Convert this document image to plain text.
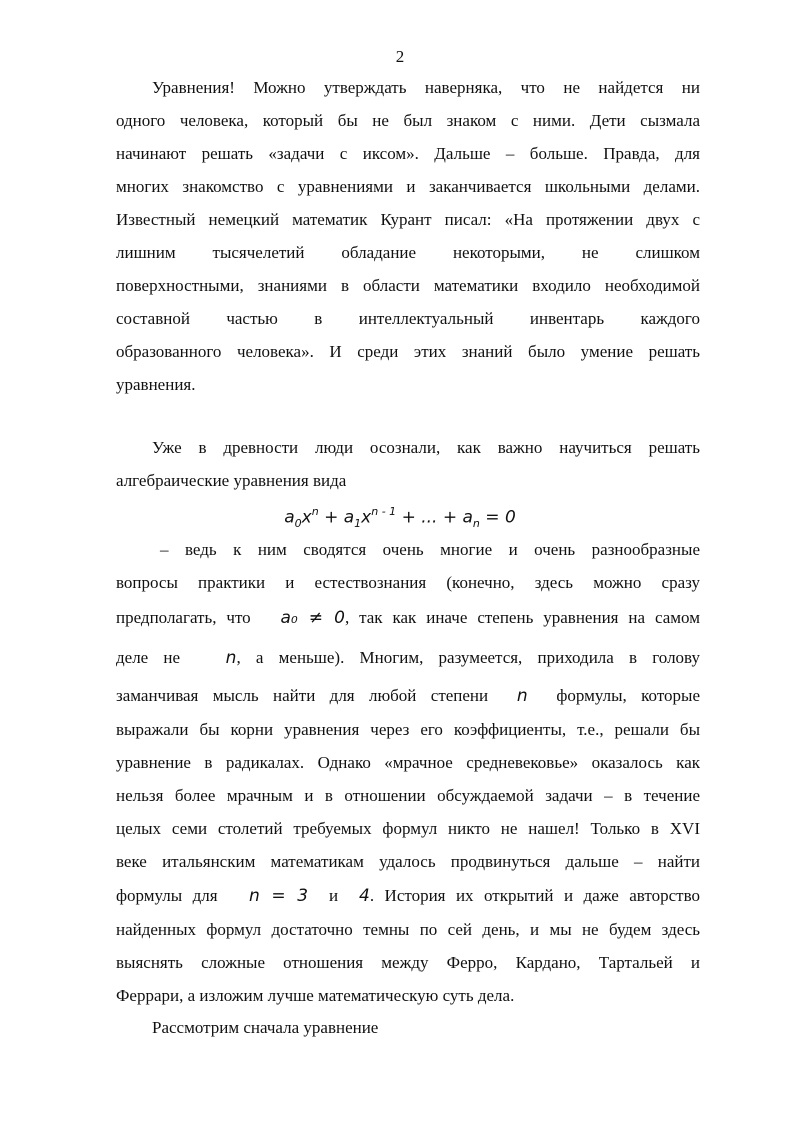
2
Уравнения! Можно утверждать наверняка, что не найдется ни
одного человека, который бы не был знаком с ними. Дети сызмала
начинают решать «задачи с иксом». Дальше – больше. Правда, для
многих знакомство с уравнениями и заканчивается школьными делами.
Известный немецкий математик Курант писал: «На протяжении двух с
лишним тысячелетий обладание некоторыми, не слишком
поверхностными, знаниями в области математики входило необходимой
составной частью в интеллектуальный инвентарь каждого
образованного человека». И среди этих знаний было умение решать
уравнения.
Уже в древности люди осознали, как важно научиться решать
алгебраические уравнения вида
$a_0x^n + a_1x^{n - 1}$ + ... + $a_n = 0$
– ведь к ним сводятся очень многие и очень разнообразные
вопросы практики и естествознания (конечно, здесь можно сразу
предполагать, что a₀ ≠ 0, так как иначе степень уравнения на самом
деле не	n, а меньше). Многим, разумеется, приходила в голову
заманчивая мысль найти для любой степени n формулы, которые
выражали бы корни уравнения через его коэффициенты, т.е., решали бы
уравнение в радикалах. Однако «мрачное средневековье» оказалось как
нельзя более мрачным и в отношении обсуждаемой задачи – в течение
целых семи столетий требуемых формул никто не нашел! Только в XVI
веке итальянским математикам удалось продвинуться дальше – найти
формулы для n = 3 и 4. История их открытий и даже авторство
найденных формул достаточно темны по сей день, и мы не будем здесь
выяснять сложные отношения между Ферро, Кардано, Тартальей и
Феррари, а изложим лучше математическую суть дела.
Рассмотрим сначала уравнение
